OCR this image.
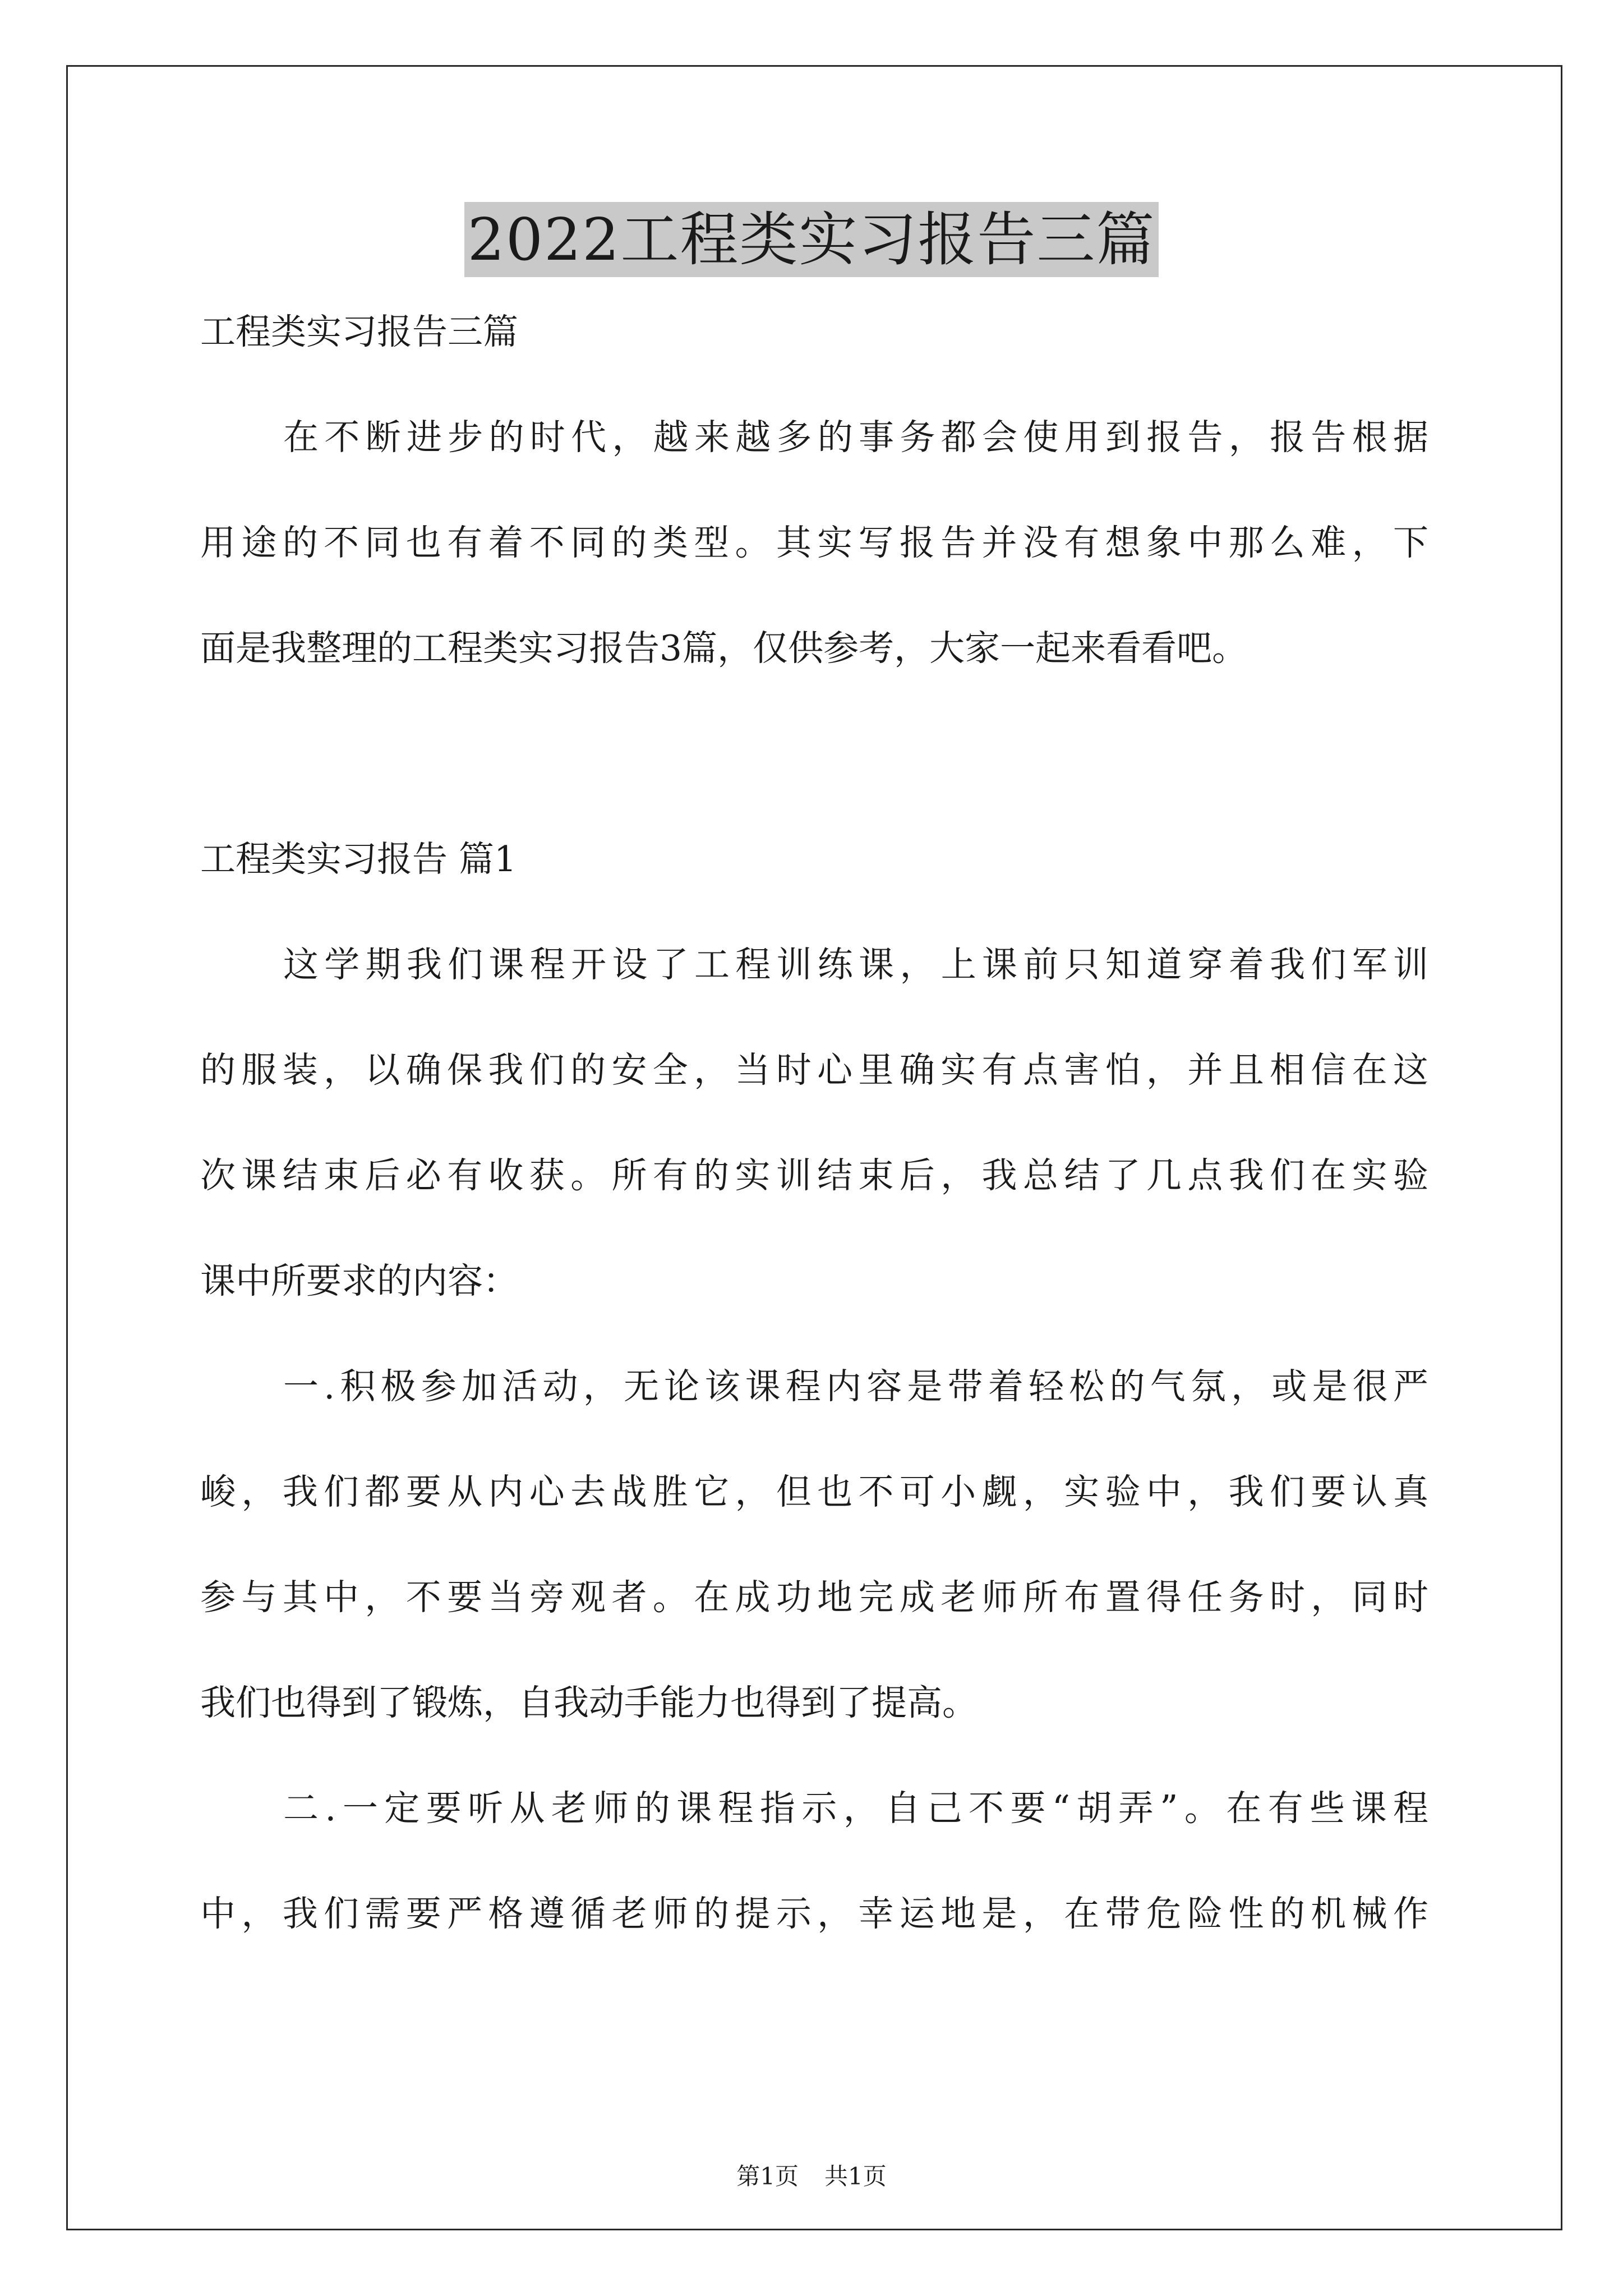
2022工程类实习报告三篇
工程类实习报告三篇
在不断进步的时代，越来越多的事务都会使用到报告，报告根据
用途的不同也有着不同的类型。其实写报告并没有想象中那么难，下
面是我整理的工程类实习报告3篇，仅供参考，大家一起来看看吧。
工程类实习报告 篇1
这学期我们课程开设了工程训练课，上课前只知道穿着我们军训
的服装，以确保我们的安全，当时心里确实有点害怕，并且相信在这
次课结束后必有收获。所有的实训结束后，我总结了几点我们在实验
课中所要求的内容：
一.积极参加活动，无论该课程内容是带着轻松的气氛，或是很严
峻，我们都要从内心去战胜它，但也不可小觑，实验中，我们要认真
参与其中，不要当旁观者。在成功地完成老师所布置得任务时，同时
我们也得到了锻炼，自我动手能力也得到了提高。
二.一定要听从老师的课程指示，自己不要“胡弄”。在有些课程
中，我们需要严格遵循老师的提示，幸运地是，在带危险性的机械作
第1页 共1页
